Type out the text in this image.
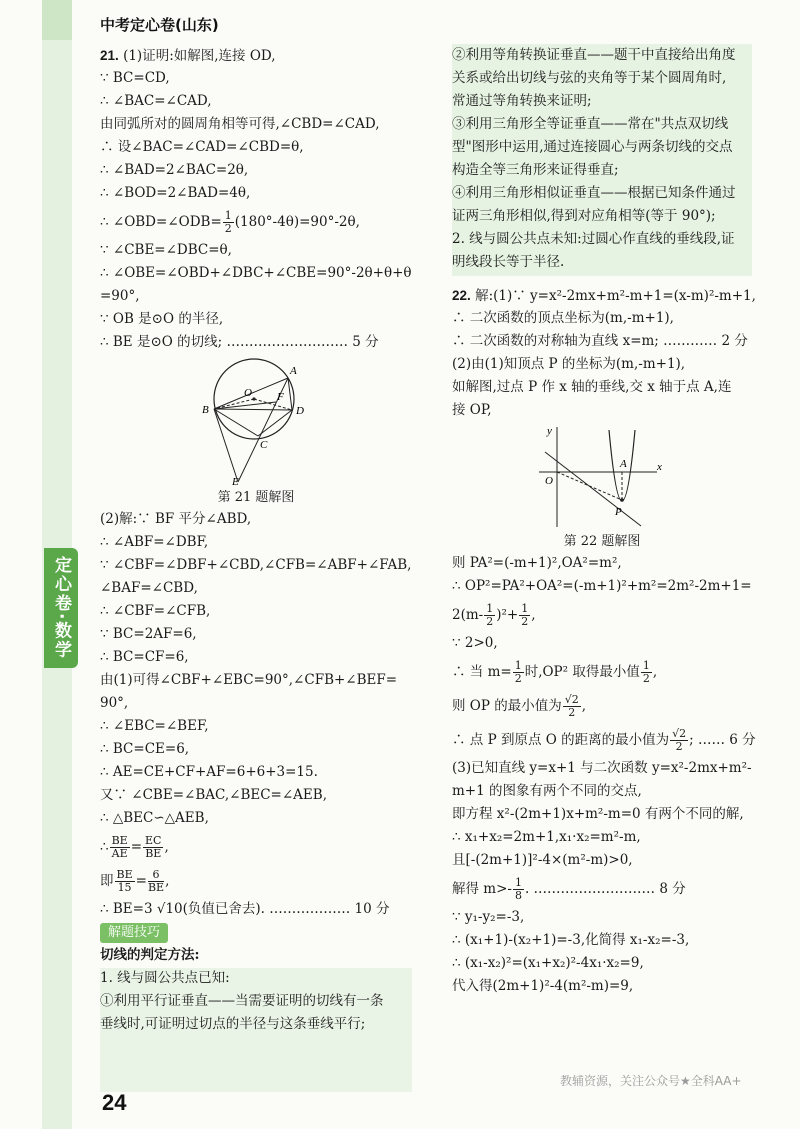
定心卷·数学
中考定心卷(山东)
21. (1)证明:如解图,连接 OD,
∵ BC=CD,
∴ ∠BAC=∠CAD,
由同弧所对的圆周角相等可得,∠CBD=∠CAD,
∴ 设∠BAC=∠CAD=∠CBD=θ,
∴ ∠BAD=2∠BAC=2θ,
∴ ∠BOD=2∠BAD=4θ,
∴ ∠OBD=∠ODB= $\frac{1}{2} (180^\circ-4\theta)=90^\circ-2\theta$,
∵ ∠CBE=∠DBC=θ,
∴ ∠OBE=∠OBD+∠DBC+∠CBE=90°-2θ+θ+θ
=90°,
∵ OB 是⊙O 的半径,
∴ BE 是⊙O 的切线; ……………………… 5 分
A
B	D
C
E
O F
第 21 题解图
(2)解:∵ BF 平分∠ABD,
∴ ∠ABF=∠DBF,
∵ ∠CBF=∠DBF+∠CBD,∠CFB=∠ABF+∠FAB,
∠BAF=∠CBD,
∴ ∠CBF=∠CFB,
∵ BC=2AF=6,
∴ BC=CF=6,
由(1)可得∠CBF+∠EBC=90°,∠CFB+∠BEF=
90°,
∴ ∠EBC=∠BEF,
∴ BC=CE=6,
∴ AE=CE+CF+AF=6+6+3=15.
又∵ ∠CBE=∠BAC,∠BEC=∠AEB,
∴ △BEC∽△AEB,
∴ $\frac{BE}{AE} = \frac{EC}{BE}$ ,
即 $\frac{BE}{15} = \frac{6}{BE}$ ,
∴ BE=3 √10(负值已舍去). ……………… 10 分
解题技巧
切线的判定方法:
1. 线与圆公共点已知:
①利用平行证垂直——当需要证明的切线有一条
垂线时,可证明过切点的半径与这条垂线平行;
②利用等角转换证垂直——题干中直接给出角度
关系或给出切线与弦的夹角等于某个圆周角时,
常通过等角转换来证明;
③利用三角形全等证垂直——常在"共点双切线
型"图形中运用,通过连接圆心与两条切线的交点
构造全等三角形来证得垂直;
④利用三角形相似证垂直——根据已知条件通过
证两三角形相似,得到对应角相等(等于 90°);
2. 线与圆公共点未知:过圆心作直线的垂线段,证
明线段长等于半径.
22. 解:(1)∵ y=x²-2mx+m²-m+1=(x-m)²-m+1,
∴ 二次函数的顶点坐标为(m,-m+1),
∴ 二次函数的对称轴为直线 x=m; ………… 2 分
(2)由(1)知顶点 P 的坐标为(m,-m+1),
如解图,过点 P 作 x 轴的垂线,交 x 轴于点 A,连
接 OP,
y
x
O
A
P
第 22 题解图
则 PA²=(-m+1)²,OA²=m²,
∴ OP²=PA²+OA²=(-m+1)²+m²=2m²-2m+1=
$2(m- \frac{1}{2} )^2+ \frac{1}{2}$ ,
∵ 2>0,
∴ 当 $m= \frac{1}{2}$ 时,OP² 取得最小值 $\frac{1}{2}$ ,
则 OP 的最小值为 $\frac{√2}{2}$ ,
∴ 点 P 到原点 O 的距离的最小值为 $\frac{√2}{2}$ ; …… 6 分
(3)已知直线 y=x+1 与二次函数 y=x²-2mx+m²-
m+1 的图象有两个不同的交点,
即方程 x²-(2m+1)x+m²-m=0 有两个不同的解,
∴ x₁+x₂=2m+1,x₁·x₂=m²-m,
且[-(2m+1)]²-4×(m²-m)>0,
解得 $m>- \frac{1}{8}$ . ……………………… 8 分
∵ y₁-y₂=-3,
∴ (x₁+1)-(x₂+1)=-3,化简得 x₁-x₂=-3,
∴ (x₁-x₂)²=(x₁+x₂)²-4x₁·x₂=9,
代入得(2m+1)²-4(m²-m)=9,
24
教辅资源，关注公众号★全科AA+
